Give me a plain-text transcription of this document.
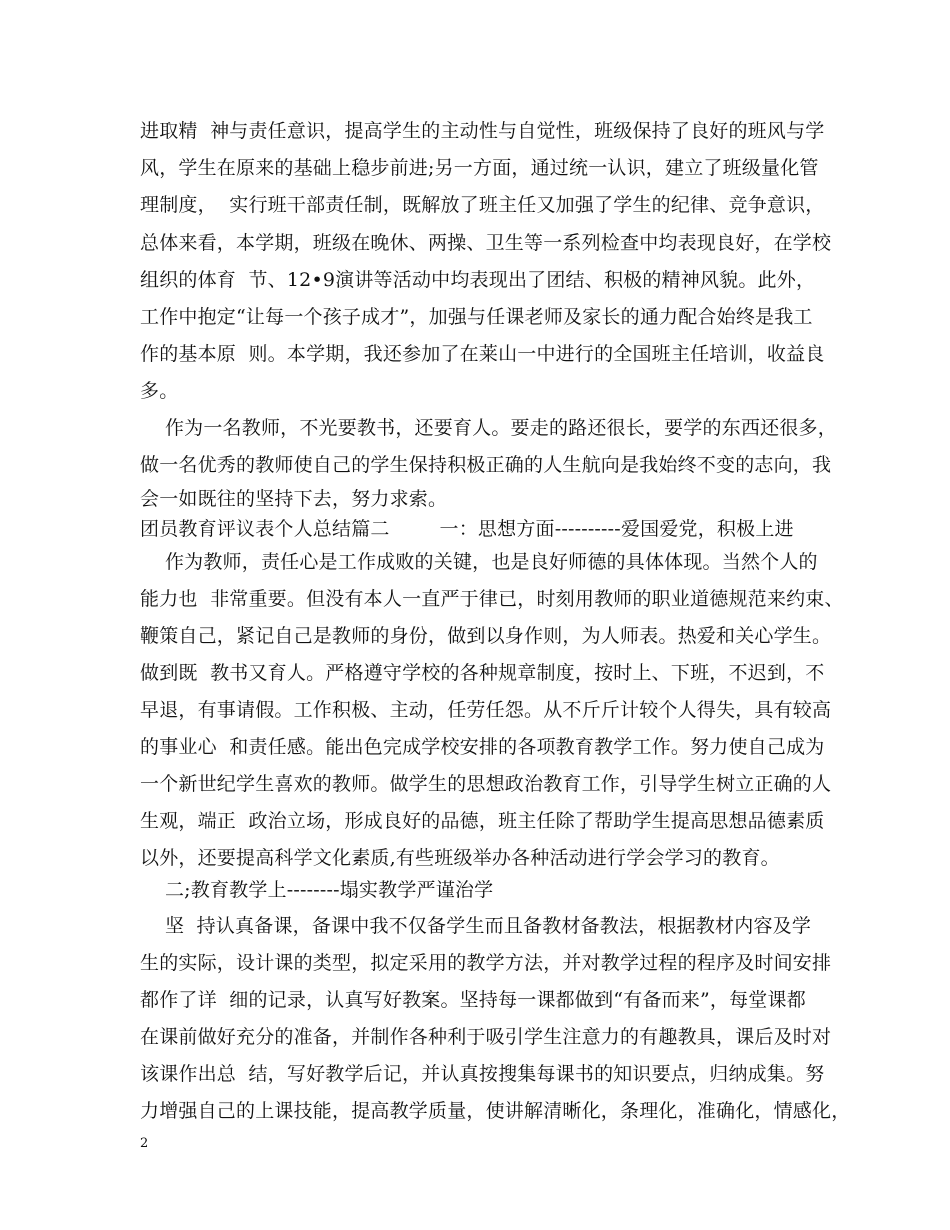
进取精  神与责任意识，提高学生的主动性与自觉性，班级保持了良好的班风与学
风，学生在原来的基础上稳步前进;另一方面，通过统一认识，建立了班级量化管
理制度，  实行班干部责任制，既解放了班主任又加强了学生的纪律、竞争意识，
总体来看，本学期，班级在晚休、两操、卫生等一系列检查中均表现良好，在学校
组织的体育  节、12•9演讲等活动中均表现出了团结、积极的精神风貌。此外，
工作中抱定“让每一个孩子成才”，加强与任课老师及家长的通力配合始终是我工
作的基本原  则。本学期，我还参加了在莱山一中进行的全国班主任培训，收益良
多。
作为一名教师，不光要教书，还要育人。要走的路还很长，要学的东西还很多，
做一名优秀的教师使自己的学生保持积极正确的人生航向是我始终不变的志向，我
会一如既往的坚持下去，努力求索。
团员教育评议表个人总结篇二        一：思想方面----------爱国爱党，积极上进
作为教师，责任心是工作成败的关键，也是良好师德的具体体现。当然个人的
能力也  非常重要。但没有本人一直严于律已，时刻用教师的职业道德规范来约束、
鞭策自己，紧记自己是教师的身份，做到以身作则，为人师表。热爱和关心学生。
做到既  教书又育人。严格遵守学校的各种规章制度，按时上、下班，不迟到，不
早退，有事请假。工作积极、主动，任劳任怨。从不斤斤计较个人得失，具有较高
的事业心  和责任感。能出色完成学校安排的各项教育教学工作。努力使自己成为
一个新世纪学生喜欢的教师。做学生的思想政治教育工作，引导学生树立正确的人
生观，端正  政治立场，形成良好的品德，班主任除了帮助学生提高思想品德素质
以外，还要提高科学文化素质,有些班级举办各种活动进行学会学习的教育。
二;教育教学上--------塌实教学严谨治学
坚  持认真备课，备课中我不仅备学生而且备教材备教法，根据教材内容及学
生的实际，设计课的类型，拟定采用的教学方法，并对教学过程的程序及时间安排
都作了详  细的记录，认真写好教案。坚持每一课都做到“有备而来”，每堂课都
在课前做好充分的准备，并制作各种利于吸引学生注意力的有趣教具，课后及时对
该课作出总  结，写好教学后记，并认真按搜集每课书的知识要点，归纳成集。努
力增强自己的上课技能，提高教学质量，使讲解清晰化，条理化，准确化，情感化，
2
